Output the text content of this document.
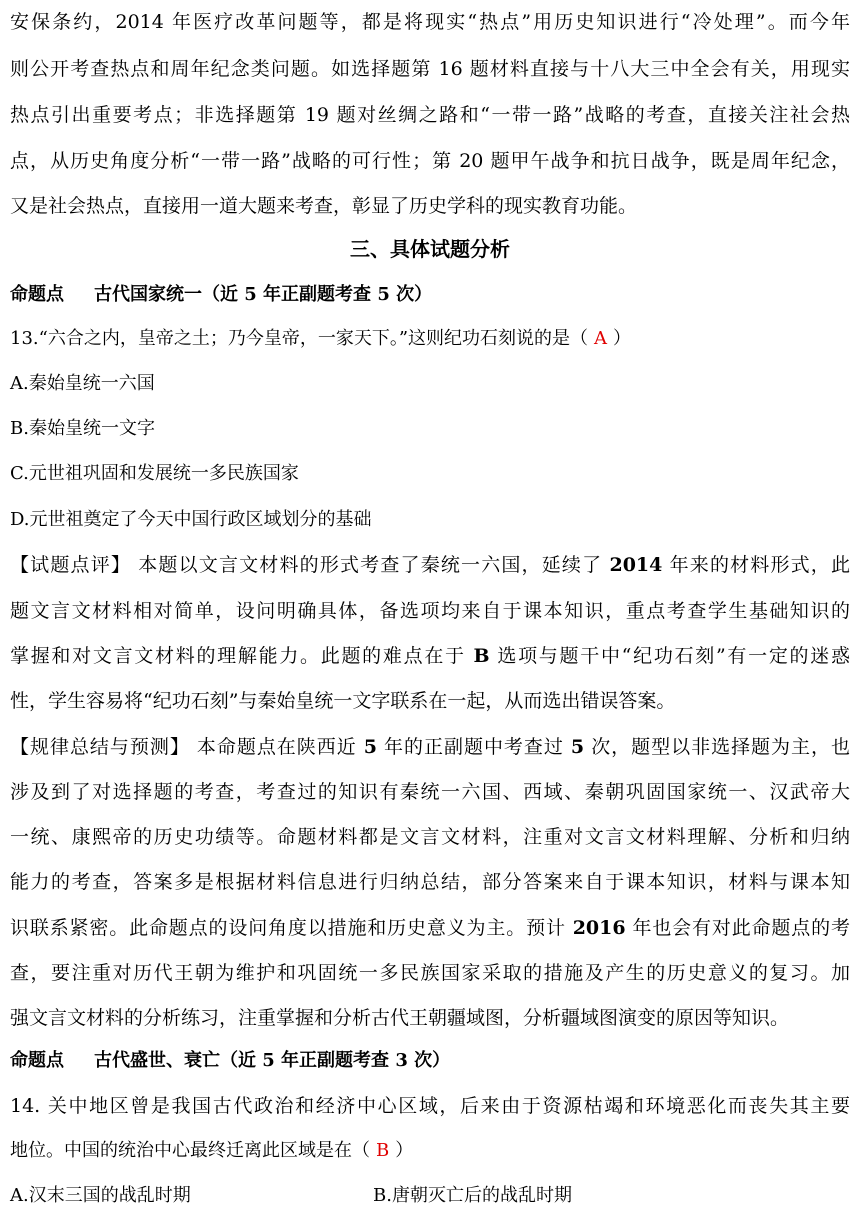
安保条约，2014 年医疗改革问题等，都是将现实“热点”用历史知识进行“冷处理”。而今年
则公开考查热点和周年纪念类问题。如选择题第 16 题材料直接与十八大三中全会有关，用现实
热点引出重要考点；非选择题第 19 题对丝绸之路和“一带一路”战略的考查，直接关注社会热
点，从历史角度分析“一带一路”战略的可行性；第 20 题甲午战争和抗日战争，既是周年纪念，
又是社会热点，直接用一道大题来考查，彰显了历史学科的现实教育功能。
三、具体试题分析
命题点 古代国家统一（近 5 年正副题考查 5 次）
13.“六合之内，皇帝之土；乃今皇帝，一家天下。”这则纪功石刻说的是（ A ）
A.秦始皇统一六国
B.秦始皇统一文字
C.元世祖巩固和发展统一多民族国家
D.元世祖奠定了今天中国行政区域划分的基础
【试题点评】 本题以文言文材料的形式考查了秦统一六国，延续了 2014 年来的材料形式，此
题文言文材料相对简单，设问明确具体，备选项均来自于课本知识，重点考查学生基础知识的
掌握和对文言文材料的理解能力。此题的难点在于 B 选项与题干中“纪功石刻”有一定的迷惑
性，学生容易将“纪功石刻”与秦始皇统一文字联系在一起，从而选出错误答案。
【规律总结与预测】 本命题点在陕西近 5 年的正副题中考查过 5 次，题型以非选择题为主，也
涉及到了对选择题的考查，考查过的知识有秦统一六国、西域、秦朝巩固国家统一、汉武帝大
一统、康熙帝的历史功绩等。命题材料都是文言文材料，注重对文言文材料理解、分析和归纳
能力的考查，答案多是根据材料信息进行归纳总结，部分答案来自于课本知识，材料与课本知
识联系紧密。此命题点的设问角度以措施和历史意义为主。预计 2016 年也会有对此命题点的考
查，要注重对历代王朝为维护和巩固统一多民族国家采取的措施及产生的历史意义的复习。加
强文言文材料的分析练习，注重掌握和分析古代王朝疆域图，分析疆域图演变的原因等知识。
命题点 古代盛世、衰亡（近 5 年正副题考查 3 次）
14. 关中地区曾是我国古代政治和经济中心区域，后来由于资源枯竭和环境恶化而丧失其主要
地位。中国的统治中心最终迁离此区域是在（ B ）
A.汉末三国的战乱时期	B.唐朝灭亡后的战乱时期
